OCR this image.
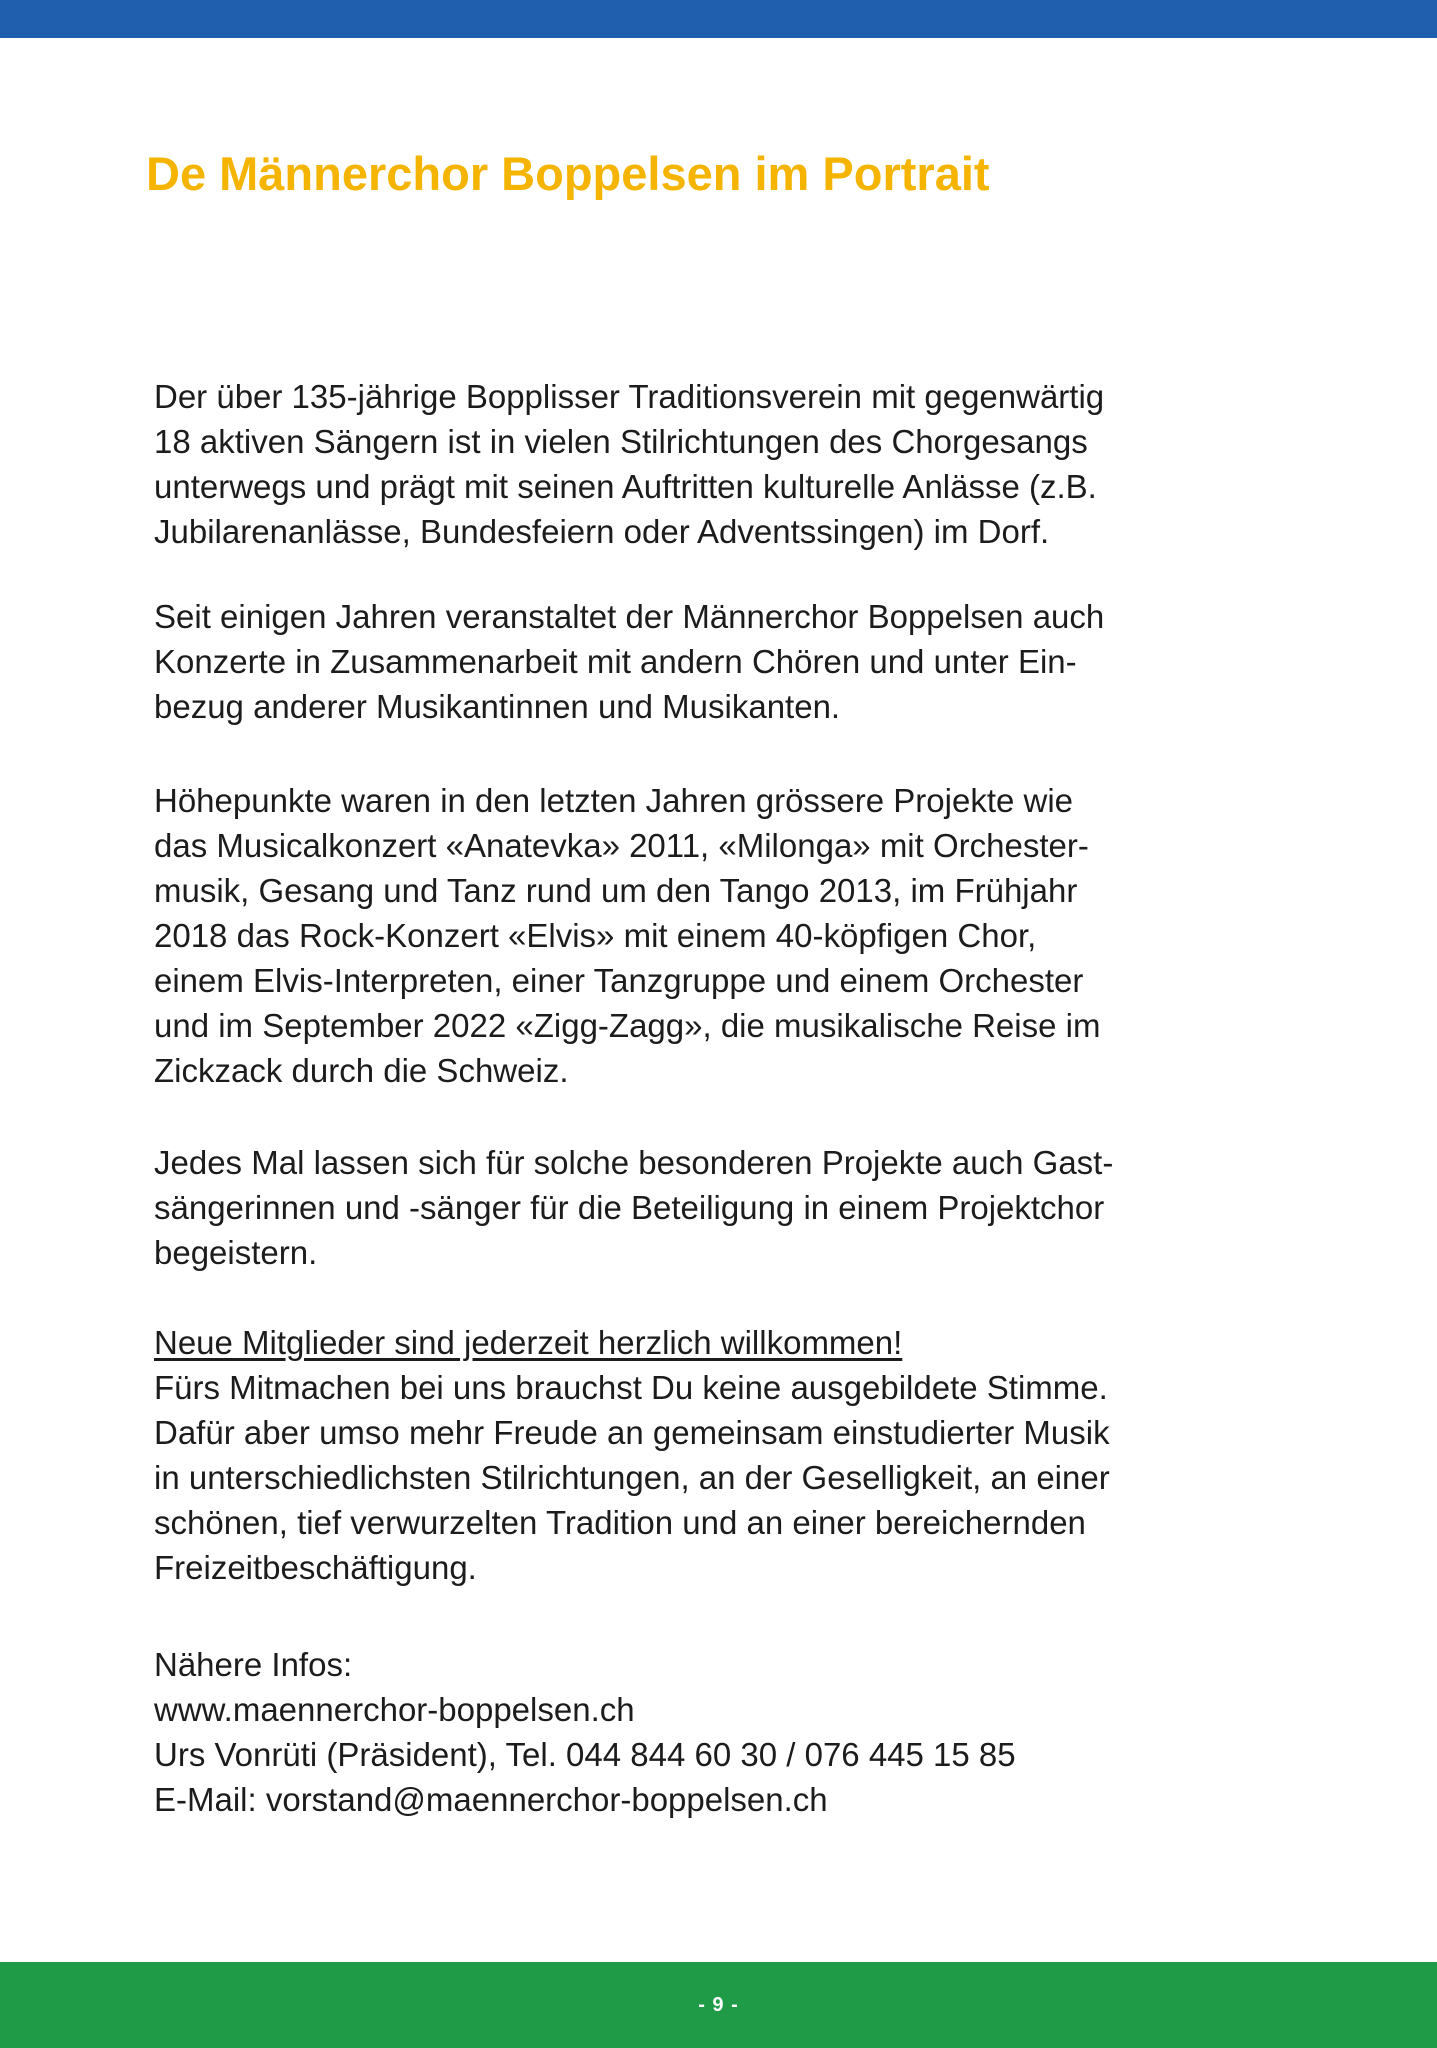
De Männerchor Boppelsen im Portrait

Der über 135-jährige Bopplisser Traditionsverein mit gegenwärtig
18 aktiven Sängern ist in vielen Stilrichtungen des Chorgesangs
unterwegs und prägt mit seinen Auftritten kulturelle Anlässe (z.B.
Jubilarenanlässe, Bundesfeiern oder Adventssingen) im Dorf.

Seit einigen Jahren veranstaltet der Männerchor Boppelsen auch
Konzerte in Zusammenarbeit mit andern Chören und unter Ein-
bezug anderer Musikantinnen und Musikanten.

Höhepunkte waren in den letzten Jahren grössere Projekte wie
das Musicalkonzert «Anatevka» 2011, «Milonga» mit Orchester-
musik, Gesang und Tanz rund um den Tango 2013, im Frühjahr
2018 das Rock-Konzert «Elvis» mit einem 40-köpfigen Chor,
einem Elvis-Interpreten, einer Tanzgruppe und einem Orchester
und im September 2022 «Zigg-Zagg», die musikalische Reise im
Zickzack durch die Schweiz.

Jedes Mal lassen sich für solche besonderen Projekte auch Gast-
sängerinnen und -sänger für die Beteiligung in einem Projektchor
begeistern.

Neue Mitglieder sind jederzeit herzlich willkommen!
Fürs Mitmachen bei uns brauchst Du keine ausgebildete Stimme.
Dafür aber umso mehr Freude an gemeinsam einstudierter Musik
in unterschiedlichsten Stilrichtungen, an der Geselligkeit, an einer
schönen, tief verwurzelten Tradition und an einer bereichernden
Freizeitbeschäftigung.

Nähere Infos:
www.maennerchor-boppelsen.ch
Urs Vonrüti (Präsident), Tel. 044 844 60 30 / 076 445 15 85
E-Mail: vorstand@maennerchor-boppelsen.ch

- 9 -
